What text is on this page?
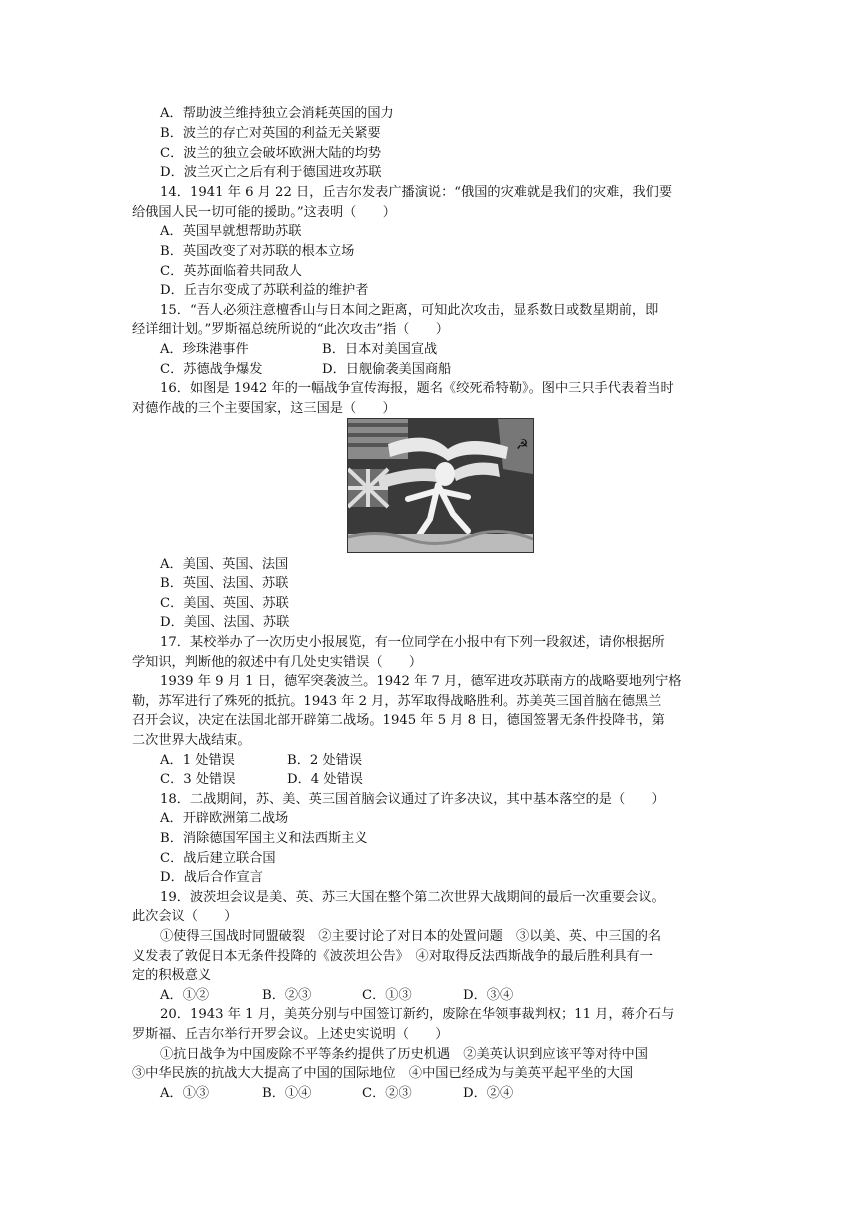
A．帮助波兰维持独立会消耗英国的国力
B．波兰的存亡对英国的利益无关紧要
C．波兰的独立会破坏欧洲大陆的均势
D．波兰灭亡之后有利于德国进攻苏联
14．1941 年 6 月 22 日，丘吉尔发表广播演说：“俄国的灾难就是我们的灾难，我们要
给俄国人民一切可能的援助。”这表明（　　）
A．英国早就想帮助苏联
B．英国改变了对苏联的根本立场
C．英苏面临着共同敌人
D．丘吉尔变成了苏联利益的维护者
15．“吾人必须注意檀香山与日本间之距离，可知此次攻击，显系数日或数星期前，即
经详细计划。”罗斯福总统所说的“此次攻击”指（　　）
A．珍珠港事件	B．日本对美国宣战
C．苏德战争爆发	D．日舰偷袭美国商船
16．如图是 1942 年的一幅战争宣传海报，题名《绞死希特勒》。图中三只手代表着当时
对德作战的三个主要国家，这三国是（　　）
☭
A．美国、英国、法国
B．英国、法国、苏联
C．美国、英国、苏联
D．美国、法国、苏联
17．某校举办了一次历史小报展览，有一位同学在小报中有下列一段叙述，请你根据所
学知识，判断他的叙述中有几处史实错误（　　）
1939 年 9 月 1 日，德军突袭波兰。1942 年 7 月，德军进攻苏联南方的战略要地列宁格
勒，苏军进行了殊死的抵抗。1943 年 2 月，苏军取得战略胜利。苏美英三国首脑在德黑兰
召开会议，决定在法国北部开辟第二战场。1945 年 5 月 8 日，德国签署无条件投降书，第
二次世界大战结束。
A．1 处错误	B．2 处错误
C．3 处错误	D．4 处错误
18．二战期间，苏、美、英三国首脑会议通过了许多决议，其中基本落空的是（　　）
A．开辟欧洲第二战场
B．消除德国军国主义和法西斯主义
C．战后建立联合国
D．战后合作宣言
19．波茨坦会议是美、英、苏三大国在整个第二次世界大战期间的最后一次重要会议。
此次会议（　　）
①使得三国战时同盟破裂　②主要讨论了对日本的处置问题　③以美、英、中三国的名
义发表了敦促日本无条件投降的《波茨坦公告》　④对取得反法西斯战争的最后胜利具有一
定的积极意义
A．①②	B．②③	C．①③	D．③④
20．1943 年 1 月，美英分别与中国签订新约，废除在华领事裁判权；11 月，蒋介石与
罗斯福、丘吉尔举行开罗会议。上述史实说明（　　）
①抗日战争为中国废除不平等条约提供了历史机遇　②美英认识到应该平等对待中国
③中华民族的抗战大大提高了中国的国际地位　④中国已经成为与美英平起平坐的大国
A．①③	B．①④	C．②③	D．②④
